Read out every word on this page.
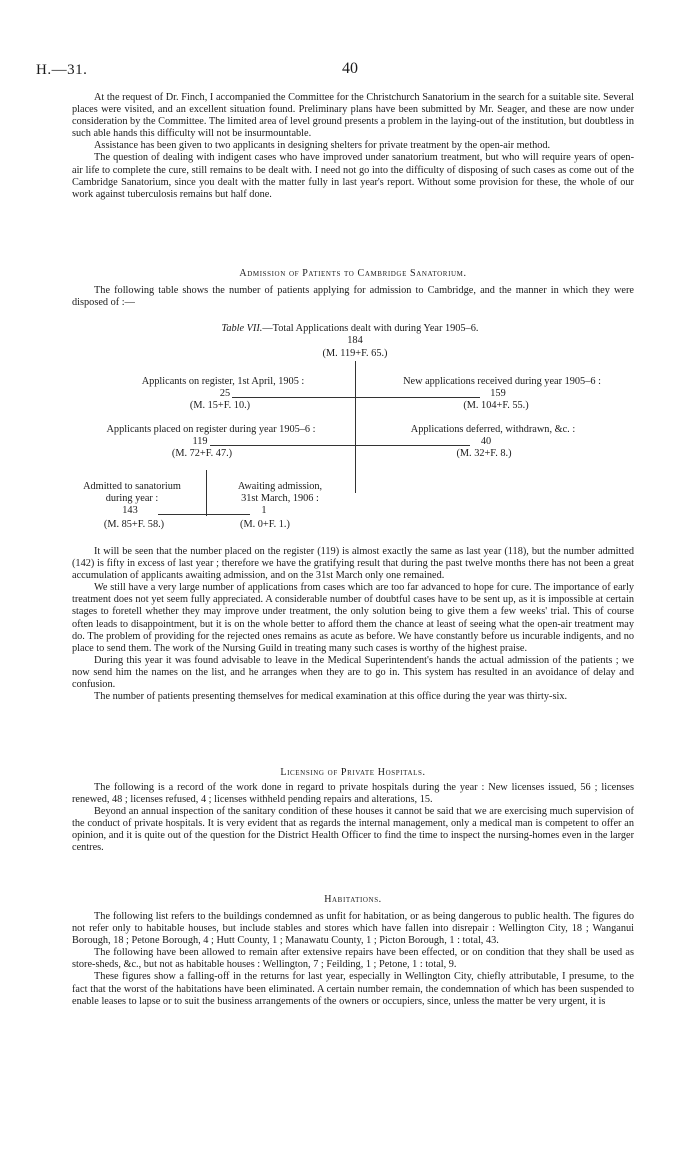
H.—31.	40

At the request of Dr. Finch, I accompanied the Committee for the Christchurch Sanatorium in the search for a suitable site. Several places were visited, and an excellent situation found. Preliminary plans have been submitted by Mr. Seager, and these are now under consideration by the Committee. The limited area of level ground presents a problem in the laying-out of the institution, but doubtless in such able hands this difficulty will not be insurmountable.

Assistance has been given to two applicants in designing shelters for private treatment by the open-air method.

The question of dealing with indigent cases who have improved under sanatorium treatment, but who will require years of open-air life to complete the cure, still remains to be dealt with. I need not go into the difficulty of disposing of such cases as come out of the Cambridge Sanatorium, since you dealt with the matter fully in last year's report. Without some provision for these, the whole of our work against tuberculosis remains but half done.

Admission of Patients to Cambridge Sanatorium.

The following table shows the number of patients applying for admission to Cambridge, and the manner in which they were disposed of :—

Table VII.—Total Applications dealt with during Year 1905–6.
184
(M. 119+F. 65.)
Applicants on register, 1st April, 1905 :
25
(M. 15+F. 10.)
New applications received during year 1905–6 :
159
(M. 104+F. 55.)
Applicants placed on register during year 1905–6 :
119
(M. 72+F. 47.)
Applications deferred, withdrawn, &c. :
40
(M. 32+F. 8.)
Admitted to sanatorium
during year :
143
(M. 85+F. 58.)
Awaiting admission,
31st March, 1906 :
1
(M. 0+F. 1.)

It will be seen that the number placed on the register (119) is almost exactly the same as last year (118), but the number admitted (142) is fifty in excess of last year ; therefore we have the gratifying result that during the past twelve months there has not been a great accumulation of applicants awaiting admission, and on the 31st March only one remained.

We still have a very large number of applications from cases which are too far advanced to hope for cure. The importance of early treatment does not yet seem fully appreciated. A considerable number of doubtful cases have to be sent up, as it is impossible at certain stages to foretell whether they may improve under treatment, the only solution being to give them a few weeks' trial. This of course often leads to disappointment, but it is on the whole better to afford them the chance at least of seeing what the open-air treatment may do. The problem of providing for the rejected ones remains as acute as before. We have constantly before us incurable indigents, and no place to send them. The work of the Nursing Guild in treating many such cases is worthy of the highest praise.

During this year it was found advisable to leave in the Medical Superintendent's hands the actual admission of the patients ; we now send him the names on the list, and he arranges when they are to go in. This system has resulted in an avoidance of delay and confusion.

The number of patients presenting themselves for medical examination at this office during the year was thirty-six.

Licensing of Private Hospitals.

The following is a record of the work done in regard to private hospitals during the year : New licenses issued, 56 ; licenses renewed, 48 ; licenses refused, 4 ; licenses withheld pending repairs and alterations, 15.

Beyond an annual inspection of the sanitary condition of these houses it cannot be said that we are exercising much supervision of the conduct of private hospitals. It is very evident that as regards the internal management, only a medical man is competent to offer an opinion, and it is quite out of the question for the District Health Officer to find the time to inspect the nursing-homes even in the larger centres.

Habitations.

The following list refers to the buildings condemned as unfit for habitation, or as being dangerous to public health. The figures do not refer only to habitable houses, but include stables and stores which have fallen into disrepair : Wellington City, 18 ; Wanganui Borough, 18 ; Petone Borough, 4 ; Hutt County, 1 ; Manawatu County, 1 ; Picton Borough, 1 : total, 43.

The following have been allowed to remain after extensive repairs have been effected, or on condition that they shall be used as store-sheds, &c., but not as habitable houses : Wellington, 7 ; Feilding, 1 ; Petone, 1 : total, 9.

These figures show a falling-off in the returns for last year, especially in Wellington City, chiefly attributable, I presume, to the fact that the worst of the habitations have been eliminated. A certain number remain, the condemnation of which has been suspended to enable leases to lapse or to suit the business arrangements of the owners or occupiers, since, unless the matter be very urgent, it is
